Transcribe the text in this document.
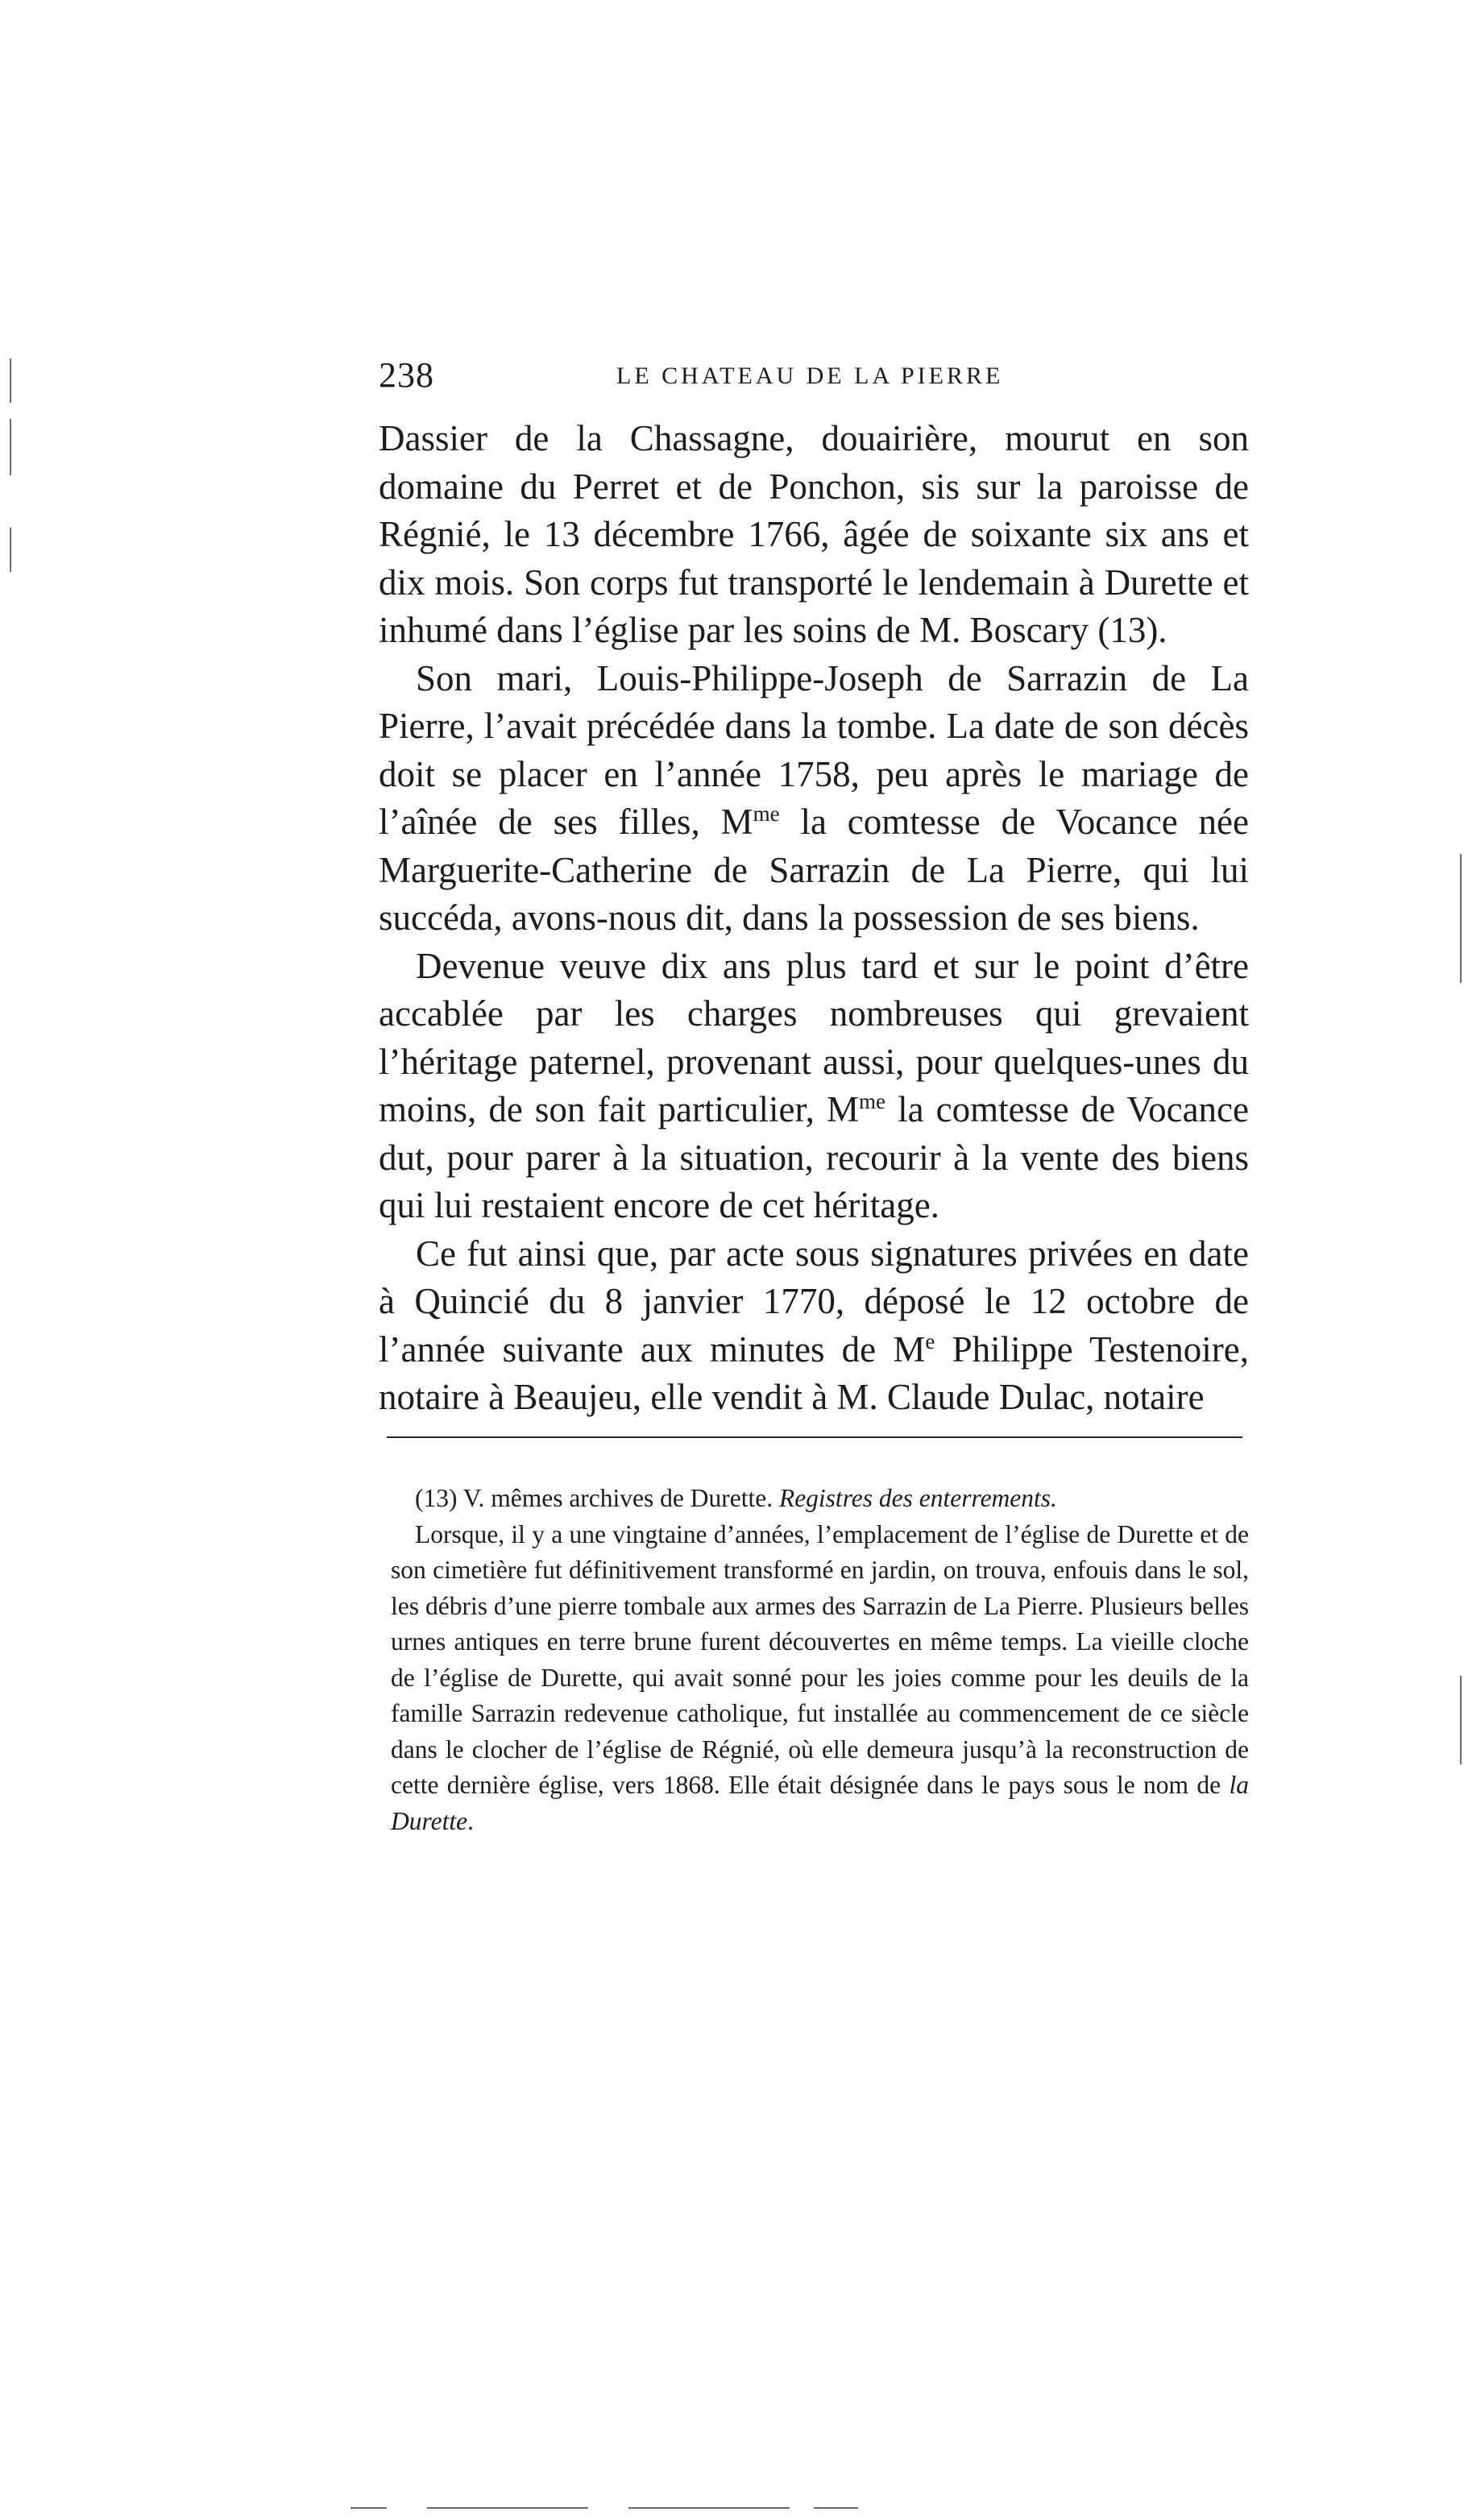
238	LE CHATEAU DE LA PIERRE

Dassier de la Chassagne, douairière, mourut en son domaine du Perret et de Ponchon, sis sur la paroisse de Régnié, le 13 décembre 1766, âgée de soixante six ans et dix mois. Son corps fut transporté le lendemain à Durette et inhumé dans l’église par les soins de M. Boscary (13).

Son mari, Louis-Philippe-Joseph de Sarrazin de La Pierre, l’avait précédée dans la tombe. La date de son décès doit se placer en l’année 1758, peu après le mariage de l’aînée de ses filles, $M^{me}$ la comtesse de Vocance née Marguerite-Catherine de Sarrazin de La Pierre, qui lui succéda, avons-nous dit, dans la possession de ses biens.

Devenue veuve dix ans plus tard et sur le point d’être accablée par les charges nombreuses qui grevaient l’héritage paternel, provenant aussi, pour quelques-unes du moins, de son fait particulier, $M^{me}$ la comtesse de Vocance dut, pour parer à la situation, recourir à la vente des biens qui lui restaient encore de cet héritage.

Ce fut ainsi que, par acte sous signatures privées en date à Quincié du 8 janvier 1770, déposé le 12 octobre de l’année suivante aux minutes de Me Philippe Testenoire, notaire à Beaujeu, elle vendit à M. Claude Dulac, notaire

(13) V. mêmes archives de Durette. Registres des enterrements.

Lorsque, il y a une vingtaine d’années, l’emplacement de l’église de Durette et de son cimetière fut définitivement transformé en jardin, on trouva, enfouis dans le sol, les débris d’une pierre tombale aux armes des Sarrazin de La Pierre. Plusieurs belles urnes antiques en terre brune furent découvertes en même temps. La vieille cloche de l’église de Durette, qui avait sonné pour les joies comme pour les deuils de la famille Sarrazin redevenue catholique, fut installée au commencement de ce siècle dans le clocher de l’église de Régnié, où elle demeura jusqu’à la reconstruction de cette dernière église, vers 1868. Elle était désignée dans le pays sous le nom de la Durette.
